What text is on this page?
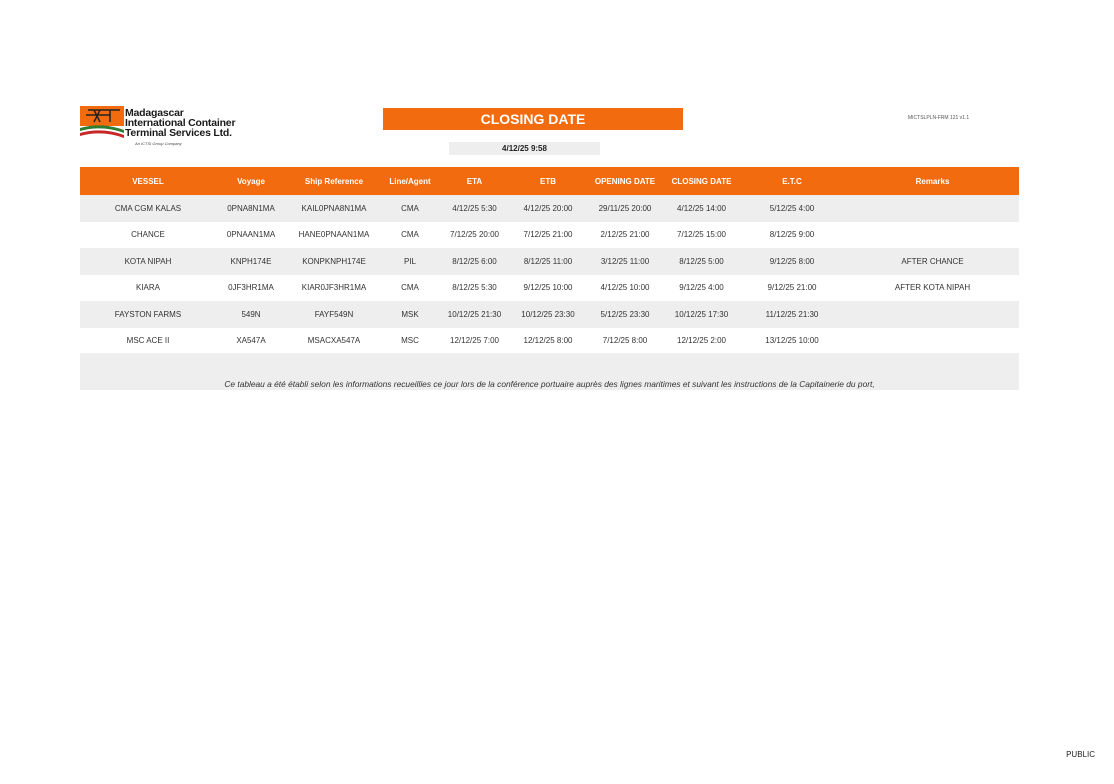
Madagascar
International Container
Terminal Services Ltd.
An ICTSI Group Company
CLOSING DATE
4/12/25 9:58
MICTSLPLN-FRM 121 v1.1
VESSEL	Voyage	Ship Reference	Line/Agent	ETA	ETB	OPENING DATE	CLOSING DATE	E.T.C	Remarks
CMA CGM KALAS	0PNA8N1MA	KAIL0PNA8N1MA	CMA	4/12/25 5:30	4/12/25 20:00	29/11/25 20:00	4/12/25 14:00	5/12/25 4:00
CHANCE	0PNAAN1MA	HANE0PNAAN1MA	CMA	7/12/25 20:00	7/12/25 21:00	2/12/25 21:00	7/12/25 15:00	8/12/25 9:00
KOTA NIPAH	KNPH174E	KONPKNPH174E	PIL	8/12/25 6:00	8/12/25 11:00	3/12/25 11:00	8/12/25 5:00	9/12/25 8:00	AFTER CHANCE
KIARA	0JF3HR1MA	KIAR0JF3HR1MA	CMA	8/12/25 5:30	9/12/25 10:00	4/12/25 10:00	9/12/25 4:00	9/12/25 21:00	AFTER KOTA NIPAH
FAYSTON FARMS	549N	FAYF549N	MSK	10/12/25 21:30	10/12/25 23:30	5/12/25 23:30	10/12/25 17:30	11/12/25 21:30
MSC ACE II	XA547A	MSACXA547A	MSC	12/12/25 7:00	12/12/25 8:00	7/12/25 8:00	12/12/25 2:00	13/12/25 10:00
Ce tableau a été établi selon les informations recueillies ce jour lors de la conférence portuaire auprès des lignes maritimes et suivant les instructions de la Capitainerie du port,
PUBLIC
